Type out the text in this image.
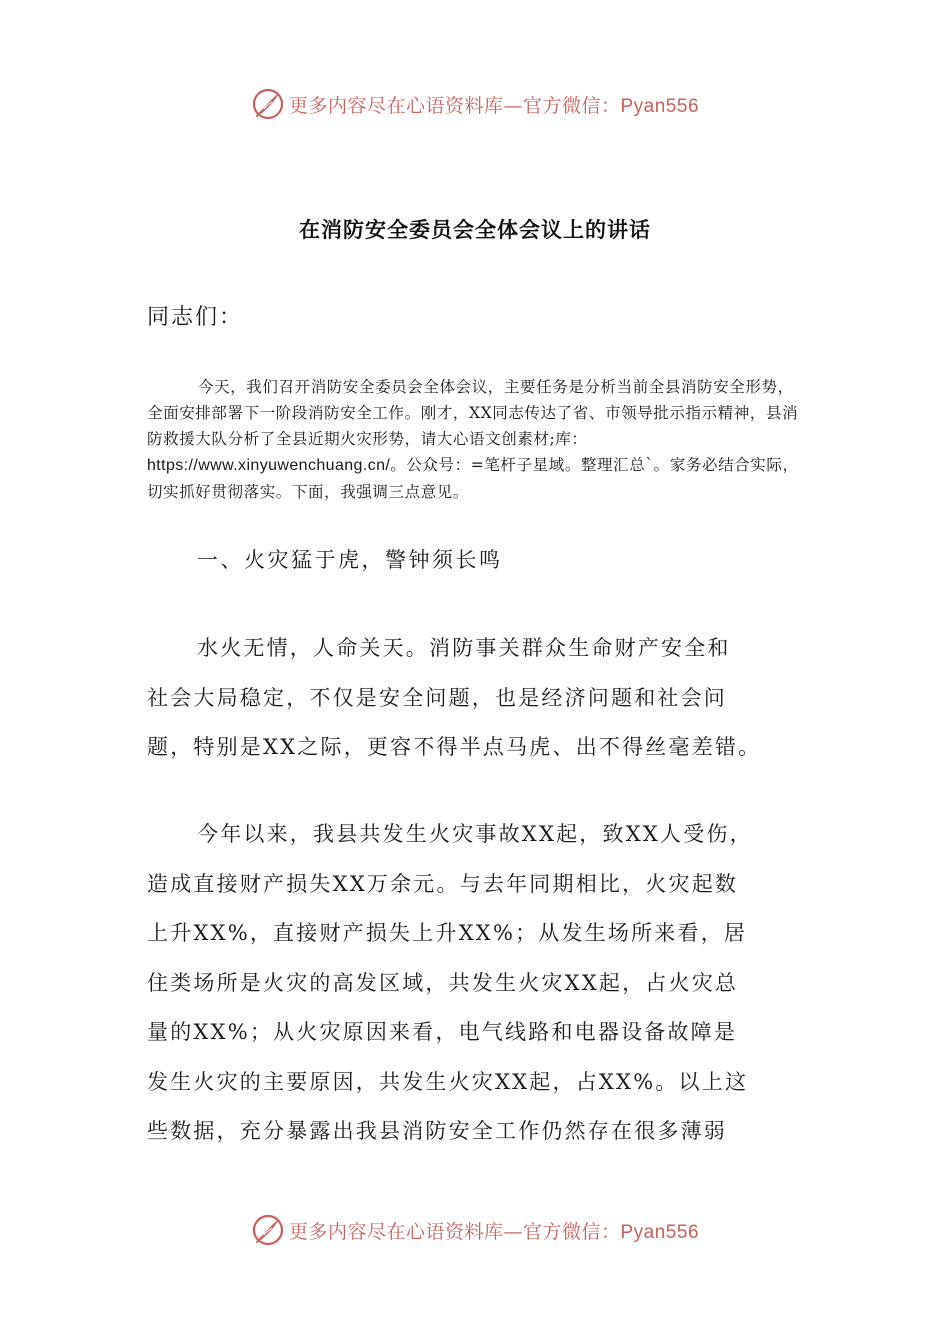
更多内容尽在心语资料库—官方微信：Pyan556
在消防安全委员会全体会议上的讲话
同志们：
今天，我们召开消防安全委员会全体会议，主要任务是分析当前全县消防安全形势，全面安排部署下一阶段消防安全工作。刚才，XX同志传达了省、市领导批示指示精神，县消防救援大队分析了全县近期火灾形势，请大心语文创素材;库：https://www.xinyuwenchuang.cn/。公众号：=笔杆子星域。整理汇总`。家务必结合实际，切实抓好贯彻落实。下面，我强调三点意见。
一、火灾猛于虎，警钟须长鸣
水火无情，人命关天。消防事关群众生命财产安全和
社会大局稳定，不仅是安全问题，也是经济问题和社会问
题，特别是XX之际，更容不得半点马虎、出不得丝毫差错。
今年以来，我县共发生火灾事故XX起，致XX人受伤，
造成直接财产损失XX万余元。与去年同期相比，火灾起数
上升XX%，直接财产损失上升XX%；从发生场所来看，居
住类场所是火灾的高发区域，共发生火灾XX起，占火灾总
量的XX%；从火灾原因来看，电气线路和电器设备故障是
发生火灾的主要原因，共发生火灾XX起，占XX%。以上这
些数据，充分暴露出我县消防安全工作仍然存在很多薄弱
更多内容尽在心语资料库—官方微信：Pyan556
